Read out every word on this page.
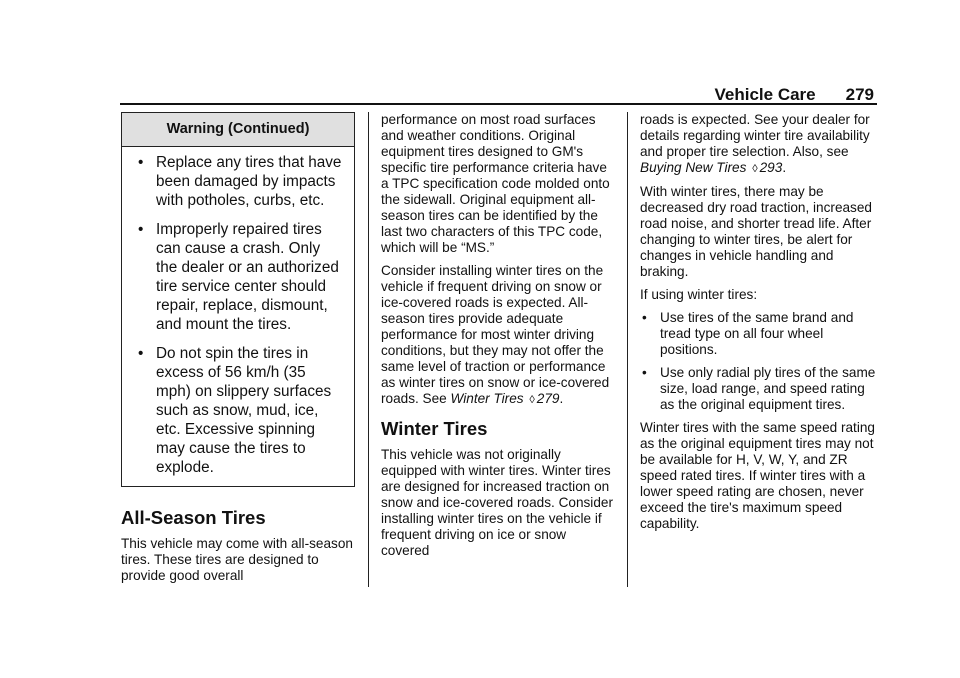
Vehicle Care 279
Warning (Continued)
• Replace any tires that have been damaged by impacts with potholes, curbs, etc.
• Improperly repaired tires can cause a crash. Only the dealer or an authorized tire service center should repair, replace, dismount, and mount the tires.
• Do not spin the tires in excess of 56 km/h (35 mph) on slippery surfaces such as snow, mud, ice, etc. Excessive spinning may cause the tires to explode.
All-Season Tires

This vehicle may come with all-season tires. These tires are designed to provide good overall

performance on most road surfaces and weather conditions. Original equipment tires designed to GM's specific tire performance criteria have a TPC specification code molded onto the sidewall. Original equipment all-season tires can be identified by the last two characters of this TPC code, which will be “MS.”

Consider installing winter tires on the vehicle if frequent driving on snow or ice-covered roads is expected. All-season tires provide adequate performance for most winter driving conditions, but they may not offer the same level of traction or performance as winter tires on snow or ice-covered roads. See Winter Tires ◊ 279.

Winter Tires

This vehicle was not originally equipped with winter tires. Winter tires are designed for increased traction on snow and ice-covered roads. Consider installing winter tires on the vehicle if frequent driving on ice or snow covered

roads is expected. See your dealer for details regarding winter tire availability and proper tire selection. Also, see Buying New Tires ◊ 293.

With winter tires, there may be decreased dry road traction, increased road noise, and shorter tread life. After changing to winter tires, be alert for changes in vehicle handling and braking.

If using winter tires:

• Use tires of the same brand and tread type on all four wheel positions.
• Use only radial ply tires of the same size, load range, and speed rating as the original equipment tires.

Winter tires with the same speed rating as the original equipment tires may not be available for H, V, W, Y, and ZR speed rated tires. If winter tires with a lower speed rating are chosen, never exceed the tire's maximum speed capability.
